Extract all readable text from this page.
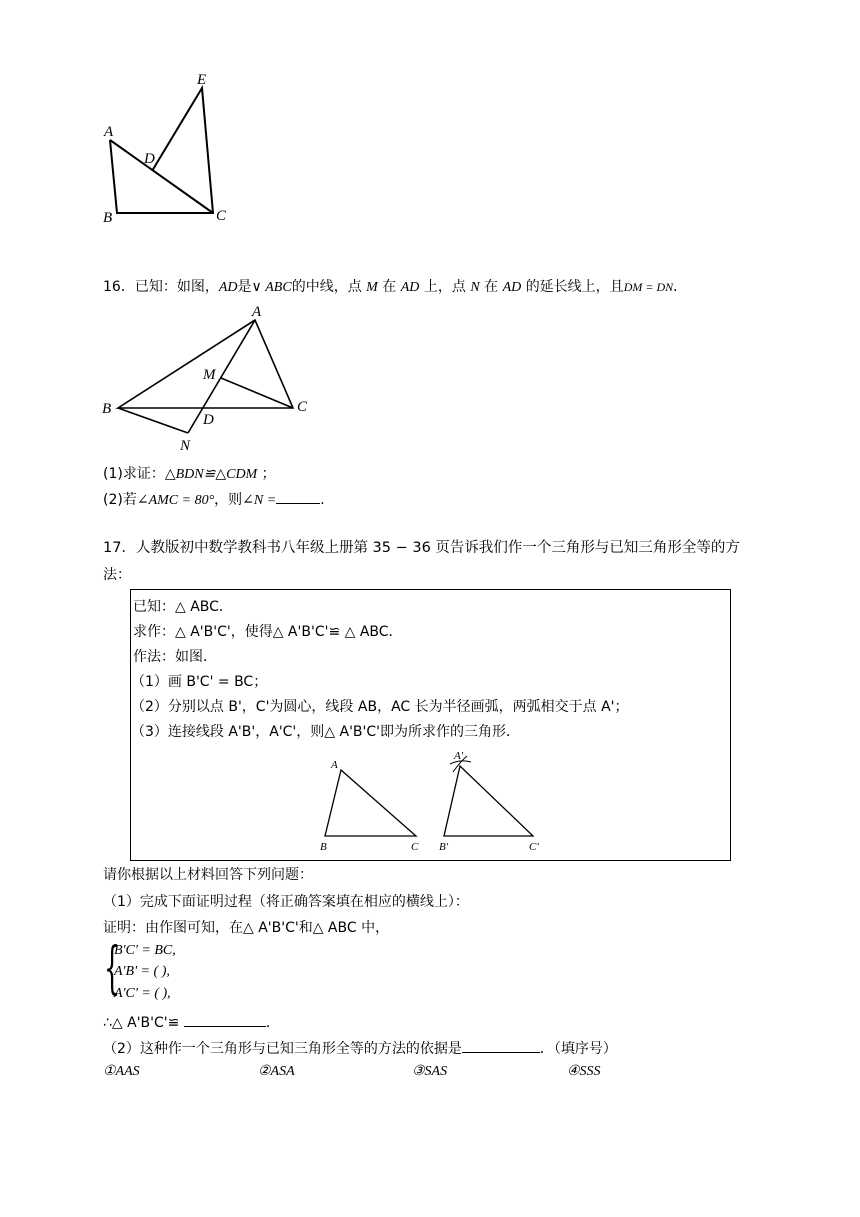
A
B	C
D
E
16．已知：如图，AD是∨ ABC的中线，点 M 在 AD 上，点 N 在 AD 的延长线上，且DM = DN．
A
B	C
D
M
N
(1)求证：△BDN≌△CDM ；
(2)若∠AMC = 80°，则∠N =	．
17．人教版初中数学教科书八年级上册第 35 − 36 页告诉我们作一个三角形与已知三角形全等的方
法：
已知：△ ABC．
求作：△ A'B'C'，使得△ A'B'C'≌ △ ABC．
作法：如图．
（1）画 B'C' = BC；
（2）分别以点 B'，C'为圆心，线段 AB，AC 长为半径画弧，两弧相交于点 A'；
（3）连接线段 A'B'，A'C'，则△ A'B'C'即为所求作的三角形．
A
B	C
A'
B'	C'
请你根据以上材料回答下列问题：
（1）完成下面证明过程（将正确答案填在相应的横线上）：
证明：由作图可知，在△ A'B'C'和△ ABC 中，
{
B'C' = BC,
A'B' = ( ),
A'C' = ( ),
∴△ A'B'C'≌	．
（2）这种作一个三角形与已知三角形全等的方法的依据是	．（填序号）
①AAS	②ASA	③SAS	④SSS
